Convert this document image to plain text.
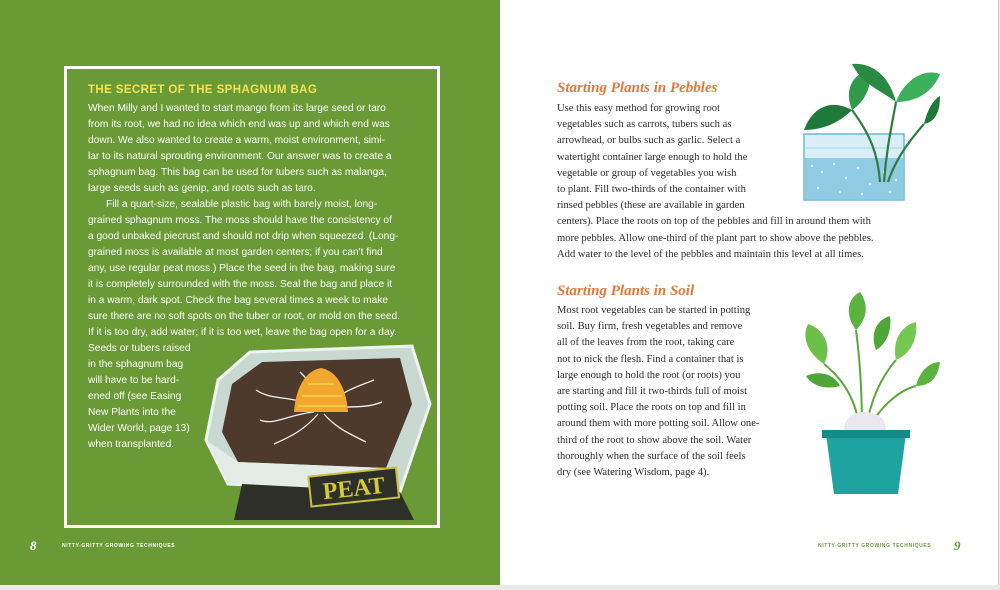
THE SECRET OF THE SPHAGNUM BAG
When Milly and I wanted to start mango from its large seed or taro
from its root, we had no idea which end was up and which end was
down. We also wanted to create a warm, moist environment, simi-
lar to its natural sprouting environment. Our answer was to create a
sphagnum bag. This bag can be used for tubers such as malanga,
large seeds such as genip, and roots such as taro.
Fill a quart-size, sealable plastic bag with barely moist, long-
grained sphagnum moss. The moss should have the consistency of
a good unbaked piecrust and should not drip when squeezed. (Long-
grained moss is available at most garden centers; if you can't find
any, use regular peat moss.) Place the seed in the bag, making sure
it is completely surrounded with the moss. Seal the bag and place it
in a warm, dark spot. Check the bag several times a week to make
sure there are no soft spots on the tuber or root, or mold on the seed.
If it is too dry, add water; if it is too wet, leave the bag open for a day.
Seeds or tubers raised
in the sphagnum bag
will have to be hard-
ened off (see Easing
New Plants into the
Wider World, page 13)
when transplanted.
PEAT
8	NITTY-GRITTY GROWING TECHNIQUES
Starting Plants in Pebbles
Use this easy method for growing root
vegetables such as carrots, tubers such as
arrowhead, or bulbs such as garlic. Select a
watertight container large enough to hold the
vegetable or group of vegetables you wish
to plant. Fill two-thirds of the container with
rinsed pebbles (these are available in garden
centers). Place the roots on top of the pebbles and fill in around them with
more pebbles. Allow one-third of the plant part to show above the pebbles.
Add water to the level of the pebbles and maintain this level at all times.
Starting Plants in Soil
Most root vegetables can be started in potting
soil. Buy firm, fresh vegetables and remove
all of the leaves from the root, taking care
not to nick the flesh. Find a container that is
large enough to hold the root (or roots) you
are starting and fill it two-thirds full of moist
potting soil. Place the roots on top and fill in
around them with more potting soil. Allow one-
third of the root to show above the soil. Water
thoroughly when the surface of the soil feels
dry (see Watering Wisdom, page 4).
NITTY-GRITTY GROWING TECHNIQUES 9
